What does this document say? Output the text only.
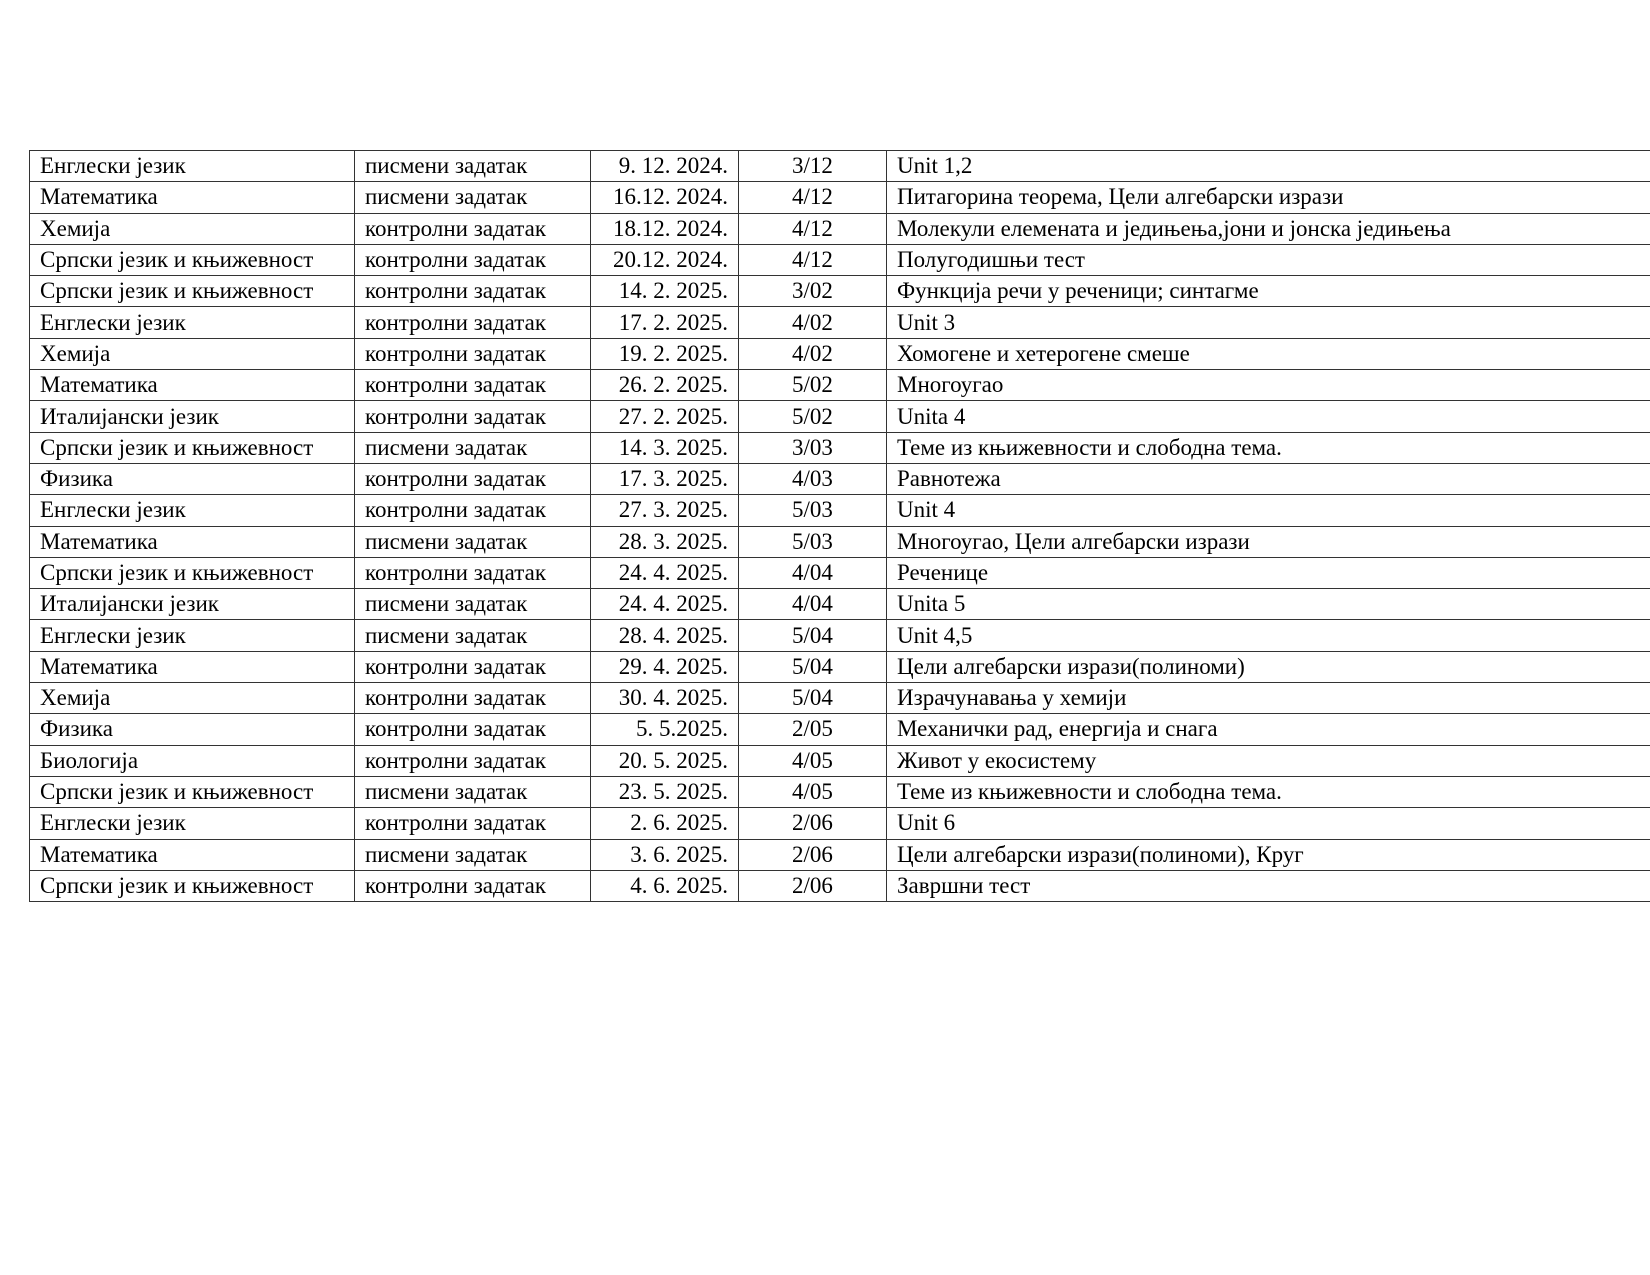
Енглески језик	писмени задатак	9. 12. 2024.	3/12	Unit 1,2
Математика	писмени задатак	16.12. 2024.	4/12	Питагорина теорема, Цели алгебарски изрази
Хемија	контролни задатак	18.12. 2024.	4/12	Молекули елемената и једињења,јони и јонска једињења
Српски језик и књижевност	контролни задатак	20.12. 2024.	4/12	Полугодишњи тест
Српски језик и књижевност	контролни задатак	14. 2. 2025.	3/02	Функција речи у реченици; синтагме
Енглески језик	контролни задатак	17. 2. 2025.	4/02	Unit 3
Хемија	контролни задатак	19. 2. 2025.	4/02	Хомогене и хетерогене смеше
Математика	контролни задатак	26. 2. 2025.	5/02	Многоугао
Италијански језик	контролни задатак	27. 2. 2025.	5/02	Unita 4
Српски језик и књижевност	писмени задатак	14. 3. 2025.	3/03	Теме из књижевности и слободна тема.
Физика	контролни задатак	17. 3. 2025.	4/03	Равнотежа
Енглески језик	контролни задатак	27. 3. 2025.	5/03	Unit 4
Математика	писмени задатак	28. 3. 2025.	5/03	Многоугао, Цели алгебарски изрази
Српски језик и књижевност	контролни задатак	24. 4. 2025.	4/04	Реченице
Италијански језик	писмени задатак	24. 4. 2025.	4/04	Unita 5
Енглески језик	писмени задатак	28. 4. 2025.	5/04	Unit 4,5
Математика	контролни задатак	29. 4. 2025.	5/04	Цели алгебарски изрази(полиноми)
Хемија	контролни задатак	30. 4. 2025.	5/04	Израчунавања у хемији
Физика	контролни задатак	5. 5.2025.	2/05	Механички рад, енергија и снага
Биологија	контролни задатак	20. 5. 2025.	4/05	Живот у екосистему
Српски језик и књижевност	писмени задатак	23. 5. 2025.	4/05	Теме из књижевности и слободна тема.
Енглески језик	контролни задатак	2. 6. 2025.	2/06	Unit 6
Математика	писмени задатак	3. 6. 2025.	2/06	Цели алгебарски изрази(полиноми), Круг
Српски језик и књижевност	контролни задатак	4. 6. 2025.	2/06	Завршни тест
